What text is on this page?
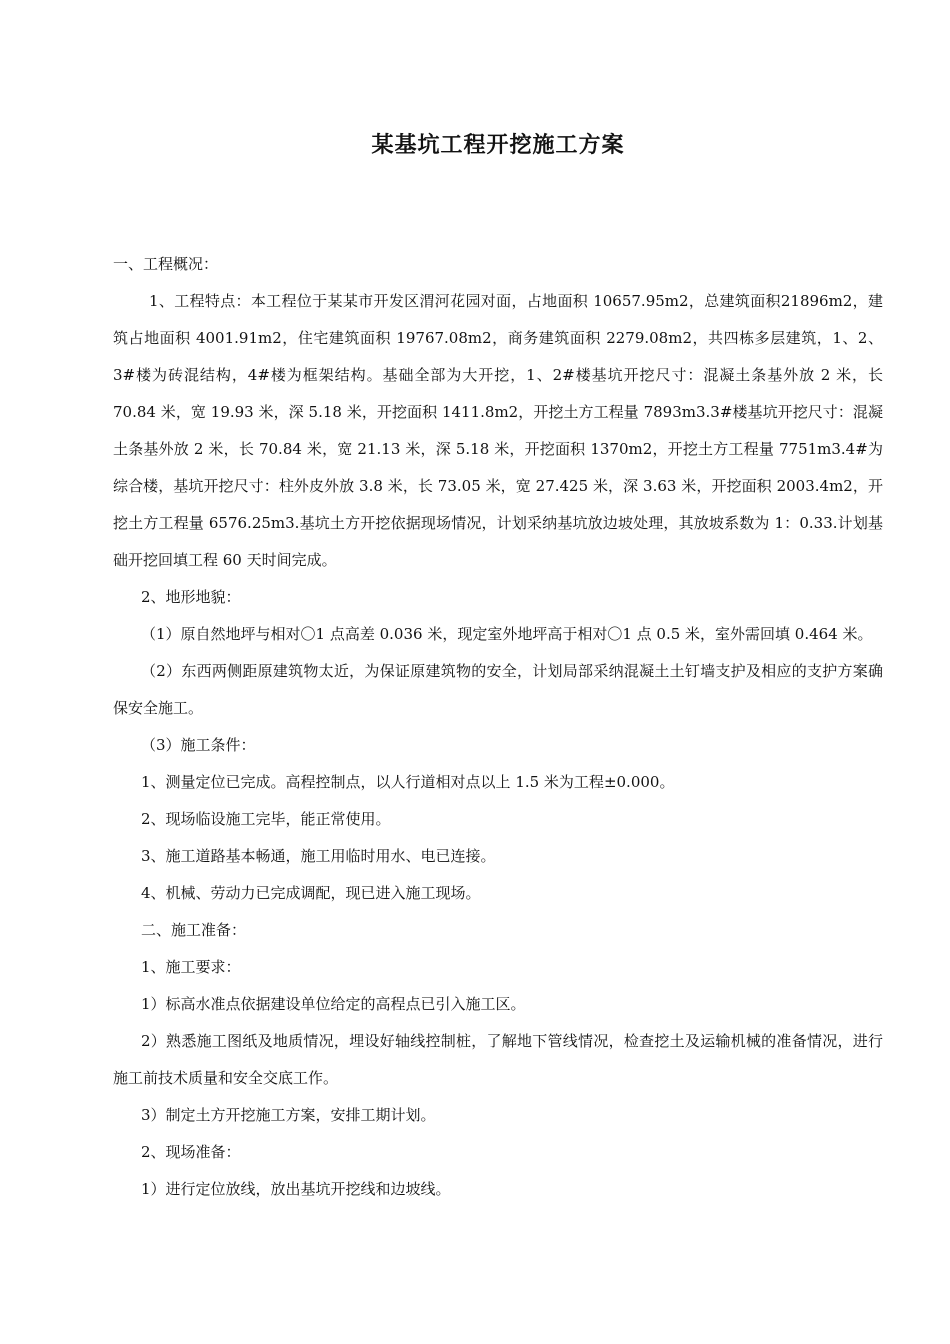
某基坑工程开挖施工方案

一、工程概况：

1、工程特点：本工程位于某某市开发区渭河花园对面，占地面积 10657.95m2，总建筑面积21896m2，建筑占地面积 4001.91m2，住宅建筑面积 19767.08m2，商务建筑面积 2279.08m2，共四栋多层建筑，1、2、3#楼为砖混结构，4#楼为框架结构。基础全部为大开挖，1、2#楼基坑开挖尺寸：混凝土条基外放 2 米，长 70.84 米，宽 19.93 米，深 5.18 米，开挖面积 1411.8m2，开挖土方工程量 7893m3.3#楼基坑开挖尺寸：混凝土条基外放 2 米，长 70.84 米，宽 21.13 米，深 5.18 米，开挖面积 1370m2，开挖土方工程量 7751m3.4#为综合楼，基坑开挖尺寸：柱外皮外放 3.8 米，长 73.05 米，宽 27.425 米，深 3.63 米，开挖面积 2003.4m2，开挖土方工程量 6576.25m3.基坑土方开挖依据现场情况，计划采纳基坑放边坡处理，其放坡系数为 1：0.33.计划基础开挖回填工程 60 天时间完成。

2、地形地貌：

（1）原自然地坪与相对〇1 点高差 0.036 米，现定室外地坪高于相对〇1 点 0.5 米，室外需回填 0.464 米。

（2）东西两侧距原建筑物太近，为保证原建筑物的安全，计划局部采纳混凝土土钉墙支护及相应的支护方案确保安全施工。

（3）施工条件：

1、测量定位已完成。高程控制点，以人行道相对点以上 1.5 米为工程±0.000。

2、现场临设施工完毕，能正常使用。

3、施工道路基本畅通，施工用临时用水、电已连接。

4、机械、劳动力已完成调配，现已进入施工现场。

二、施工准备：

1、施工要求：

1）标高水准点依据建设单位给定的高程点已引入施工区。

2）熟悉施工图纸及地质情况，埋设好轴线控制桩，了解地下管线情况，检查挖土及运输机械的准备情况，进行施工前技术质量和安全交底工作。

3）制定土方开挖施工方案，安排工期计划。

2、现场准备：

1）进行定位放线，放出基坑开挖线和边坡线。
